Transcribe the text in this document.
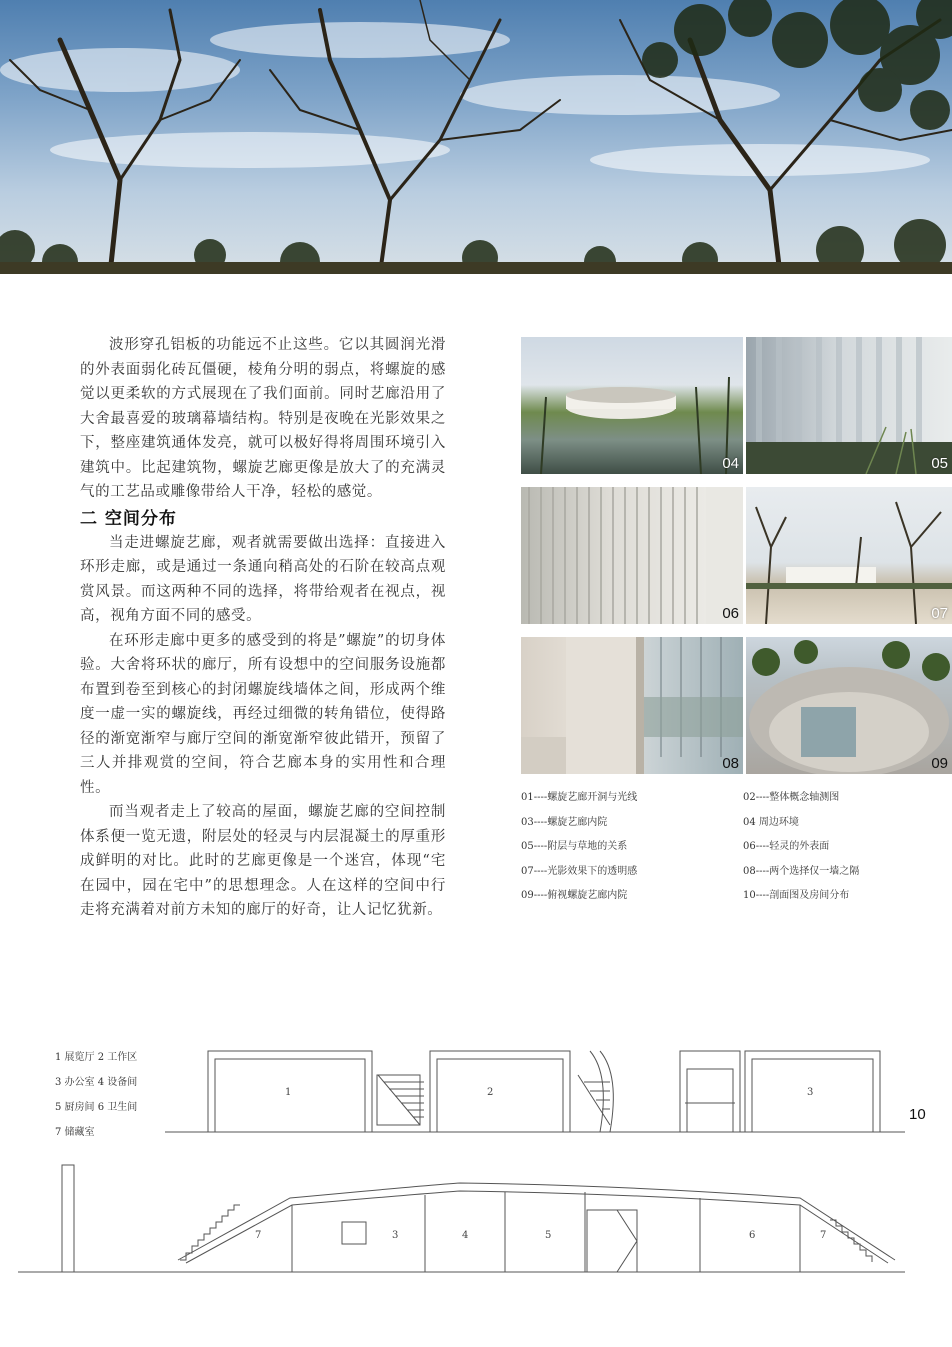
波形穿孔铝板的功能远不止这些。它以其圆润光滑的外表面弱化砖瓦僵硬，棱角分明的弱点，将螺旋的感觉以更柔软的方式展现在了我们面前。同时艺廊沿用了大舍最喜爱的玻璃幕墙结构。特别是夜晚在光影效果之下，整座建筑通体发亮，就可以极好得将周围环境引入建筑中。比起建筑物，螺旋艺廊更像是放大了的充满灵气的工艺品或雕像带给人干净，轻松的感觉。

二 空间分布

当走进螺旋艺廊，观者就需要做出选择：直接进入环形走廊，或是通过一条通向稍高处的石阶在较高点观赏风景。而这两种不同的选择，将带给观者在视点，视高，视角方面不同的感受。

在环形走廊中更多的感受到的将是”螺旋”的切身体验。大舍将环状的廊厅，所有设想中的空间服务设施都布置到卷至到核心的封闭螺旋线墙体之间，形成两个维度一虚一实的螺旋线，再经过细微的转角错位，使得路径的渐宽渐窄与廊厅空间的渐宽渐窄彼此错开，预留了三人并排观赏的空间，符合艺廊本身的实用性和合理性。

而当观者走上了较高的屋面，螺旋艺廊的空间控制体系便一览无遗，附层处的轻灵与内层混凝土的厚重形成鲜明的对比。此时的艺廊更像是一个迷宫，体现“宅在园中，园在宅中”的思想理念。人在这样的空间中行走将充满着对前方未知的廊厅的好奇，让人记忆犹新。

04	05
06	07
08	09
01----螺旋艺廊开洞与光线	02----整体概念轴测图
03----螺旋艺廊内院	04 周边环境
05----附层与草地的关系	06----轻灵的外表面
07----光影效果下的透明感	08----两个选择仅一墙之隔
09----俯视螺旋艺廊内院	10----剖面图及房间分布
1	2	3
7	3	4	5	6	7
1 展览厅 2 工作区
3 办公室 4 设备间
5 厨房间 6 卫生间
7 储藏室
10
